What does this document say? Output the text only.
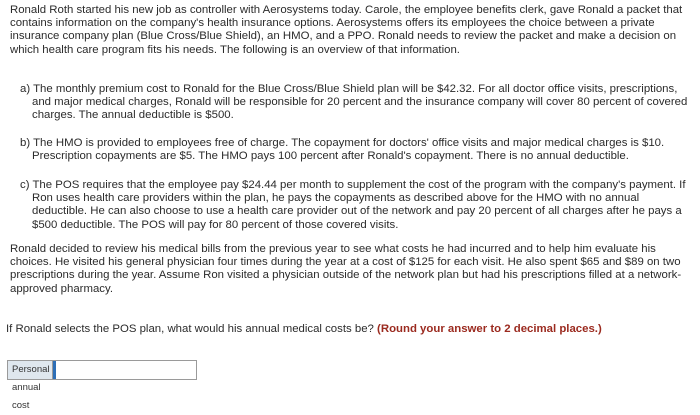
Ronald Roth started his new job as controller with Aerosystems today. Carole, the employee benefits clerk, gave Ronald a packet that contains information on the company's health insurance options. Aerosystems offers its employees the choice between a private insurance company plan (Blue Cross/Blue Shield), an HMO, and a PPO. Ronald needs to review the packet and make a decision on which health care program fits his needs. The following is an overview of that information.

a) The monthly premium cost to Ronald for the Blue Cross/Blue Shield plan will be $42.32. For all doctor office visits, prescriptions, and major medical charges, Ronald will be responsible for 20 percent and the insurance company will cover 80 percent of covered charges. The annual deductible is $500.

b) The HMO is provided to employees free of charge. The copayment for doctors' office visits and major medical charges is $10. Prescription copayments are $5. The HMO pays 100 percent after Ronald's copayment. There is no annual deductible.

c) The POS requires that the employee pay $24.44 per month to supplement the cost of the program with the company's payment. If Ron uses health care providers within the plan, he pays the copayments as described above for the HMO with no annual deductible. He can also choose to use a health care provider out of the network and pay 20 percent of all charges after he pays a $500 deductible. The POS will pay for 80 percent of those covered visits.

Ronald decided to review his medical bills from the previous year to see what costs he had incurred and to help him evaluate his choices. He visited his general physician four times during the year at a cost of $125 for each visit. He also spent $65 and $89 on two prescriptions during the year. Assume Ron visited a physician outside of the network plan but had his prescriptions filled at a network-approved pharmacy.

If Ronald selects the POS plan, what would his annual medical costs be? (Round your answer to 2 decimal places.)

Personal annual cost
